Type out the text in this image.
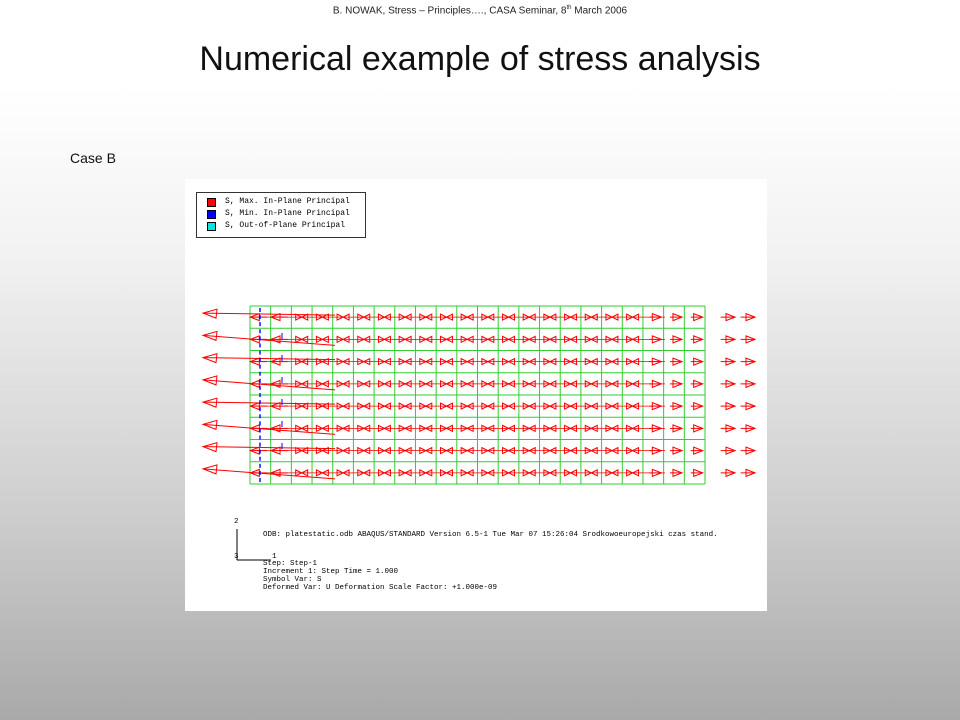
B. NOWAK, Stress – Principles…., CASA Seminar, 8th March 2006
Numerical example of stress analysis
Case B
S, Max. In-Plane Principal
S, Min. In-Plane Principal
S, Out-of-Plane Principal
2
3	1
ODB: platestatic.odb ABAQUS/STANDARD Version 6.5-1 Tue Mar 07 15:26:04 Srodkowoeuropejski czas stand.
Step: Step-1
Increment 1: Step Time = 1.000
Symbol Var: S
Deformed Var: U Deformation Scale Factor: +1.000e-09
